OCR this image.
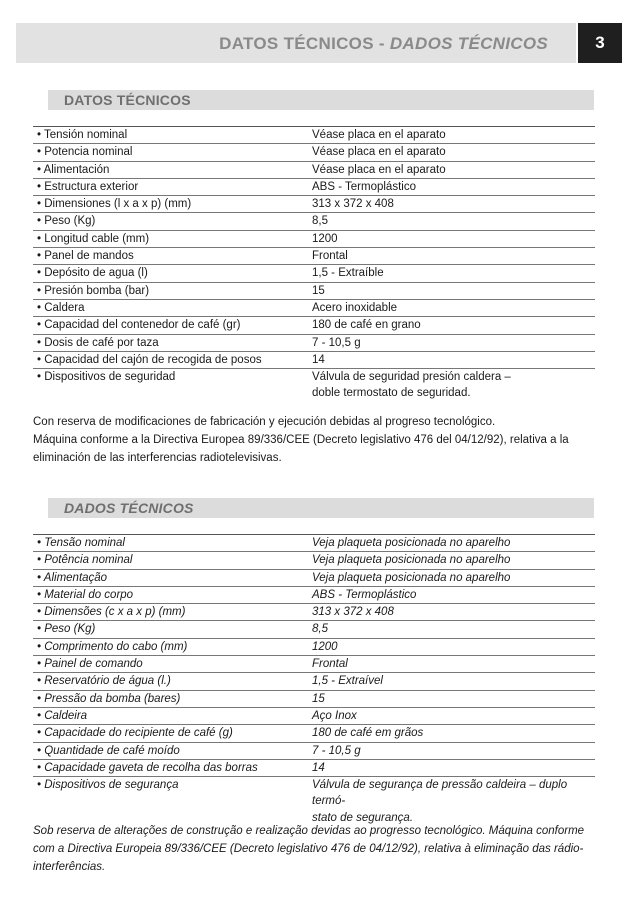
DATOS TÉCNICOS - DADOS TÉCNICOS	3
DATOS TÉCNICOS
• Tensión nominal	Véase placa en el aparato
• Potencia nominal	Véase placa en el aparato
• Alimentación	Véase placa en el aparato
• Estructura exterior	ABS - Termoplástico
• Dimensiones (l x a x p) (mm)	313 x 372 x 408
• Peso (Kg)	8,5
• Longitud cable (mm)	1200
• Panel de mandos	Frontal
• Depósito de agua (l)	1,5 - Extraíble
• Presión bomba (bar)	15
• Caldera	Acero inoxidable
• Capacidad del contenedor de café (gr)	180 de café en grano
• Dosis de café por taza	7 - 10,5 g
• Capacidad del cajón de recogida de posos	14
• Dispositivos de seguridad	Válvula de seguridad presión caldera –
doble termostato de seguridad.
Con reserva de modificaciones de fabricación y ejecución debidas al progreso tecnológico.
Máquina conforme a la Directiva Europea 89/336/CEE (Decreto legislativo 476 del 04/12/92), relativa a la eliminación de las interferencias radiotelevisivas.
DADOS TÉCNICOS
• Tensão nominal	Veja plaqueta posicionada no aparelho
• Potência nominal	Veja plaqueta posicionada no aparelho
• Alimentação	Veja plaqueta posicionada no aparelho
• Material do corpo	ABS - Termoplástico
• Dimensões (c x a x p) (mm)	313 x 372 x 408
• Peso (Kg)	8,5
• Comprimento do cabo (mm)	1200
• Painel de comando	Frontal
• Reservatório de água (l.)	1,5 - Extraível
• Pressão da bomba (bares)	15
• Caldeira	Aço Inox
• Capacidade do recipiente de café (g)	180 de café em grãos
• Quantidade de café moído	7 - 10,5 g
• Capacidade gaveta de recolha das borras	14
• Dispositivos de segurança	Válvula de segurança de pressão caldeira – duplo termó-
stato de segurança.
Sob reserva de alterações de construção e realização devidas ao progresso tecnológico. Máquina conforme com a Directiva Europeia 89/336/CEE (Decreto legislativo 476 de 04/12/92), relativa à eliminação das rádio-interferências.
